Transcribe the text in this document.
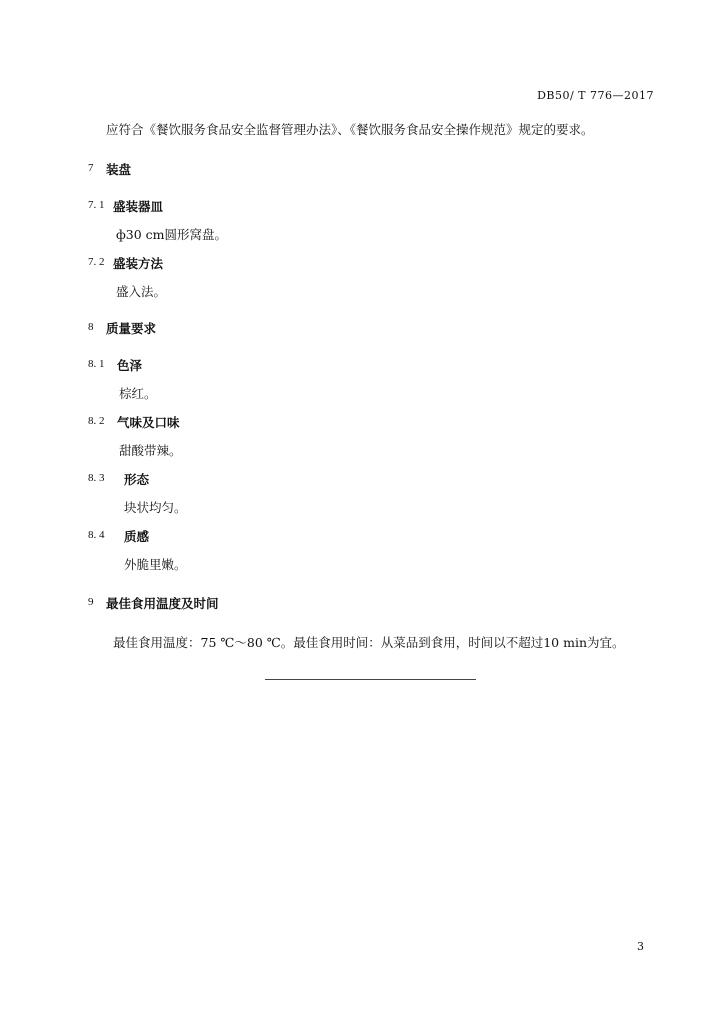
DB50/ T 776—2017
应符合《餐饮服务食品安全监督管理办法》、《餐饮服务食品安全操作规范》规定的要求。
7 装盘
7. 1 盛装器皿
ф30 cm圆形窝盘。
7. 2 盛装方法
盛入法。
8 质量要求
8. 1 色泽
棕红。
8. 2 气味及口味
甜酸带辣。
8. 3 形态
块状均匀。
8. 4 质感
外脆里嫩。
9 最佳食用温度及时间
最佳食用温度：75 ℃～80 ℃。最佳食用时间：从菜品到食用，时间以不超过10 min为宜。
3
